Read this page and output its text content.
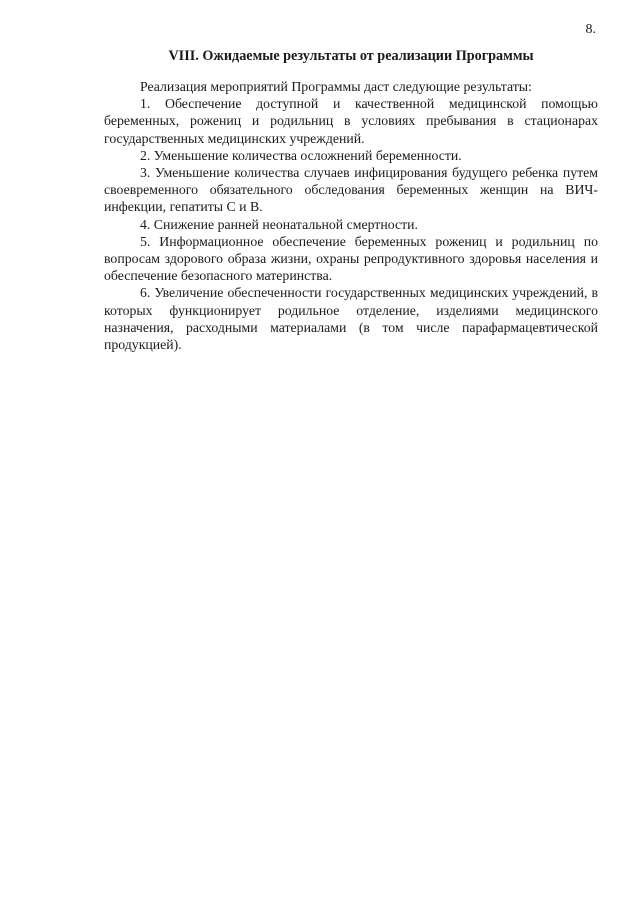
8.
VIII. Ожидаемые результаты от реализации Программы

Реализация мероприятий Программы даст следующие результаты:

1. Обеспечение доступной и качественной медицинской помощью беременных, рожениц и родильниц в условиях пребывания в стационарах государственных медицинских учреждений.

2. Уменьшение количества осложнений беременности.

3. Уменьшение количества случаев инфицирования будущего ребенка путем своевременного обязательного обследования беременных женщин на ВИЧ-инфекции, гепатиты С и В.

4. Снижение ранней неонатальной смертности.

5. Информационное обеспечение беременных рожениц и родильниц по вопросам здорового образа жизни, охраны репродуктивного здоровья населения и обеспечение безопасного материнства.

6. Увеличение обеспеченности государственных медицинских учреждений, в которых функционирует родильное отделение, изделиями медицинского назначения, расходными материалами (в том числе парафармацевтической продукцией).
